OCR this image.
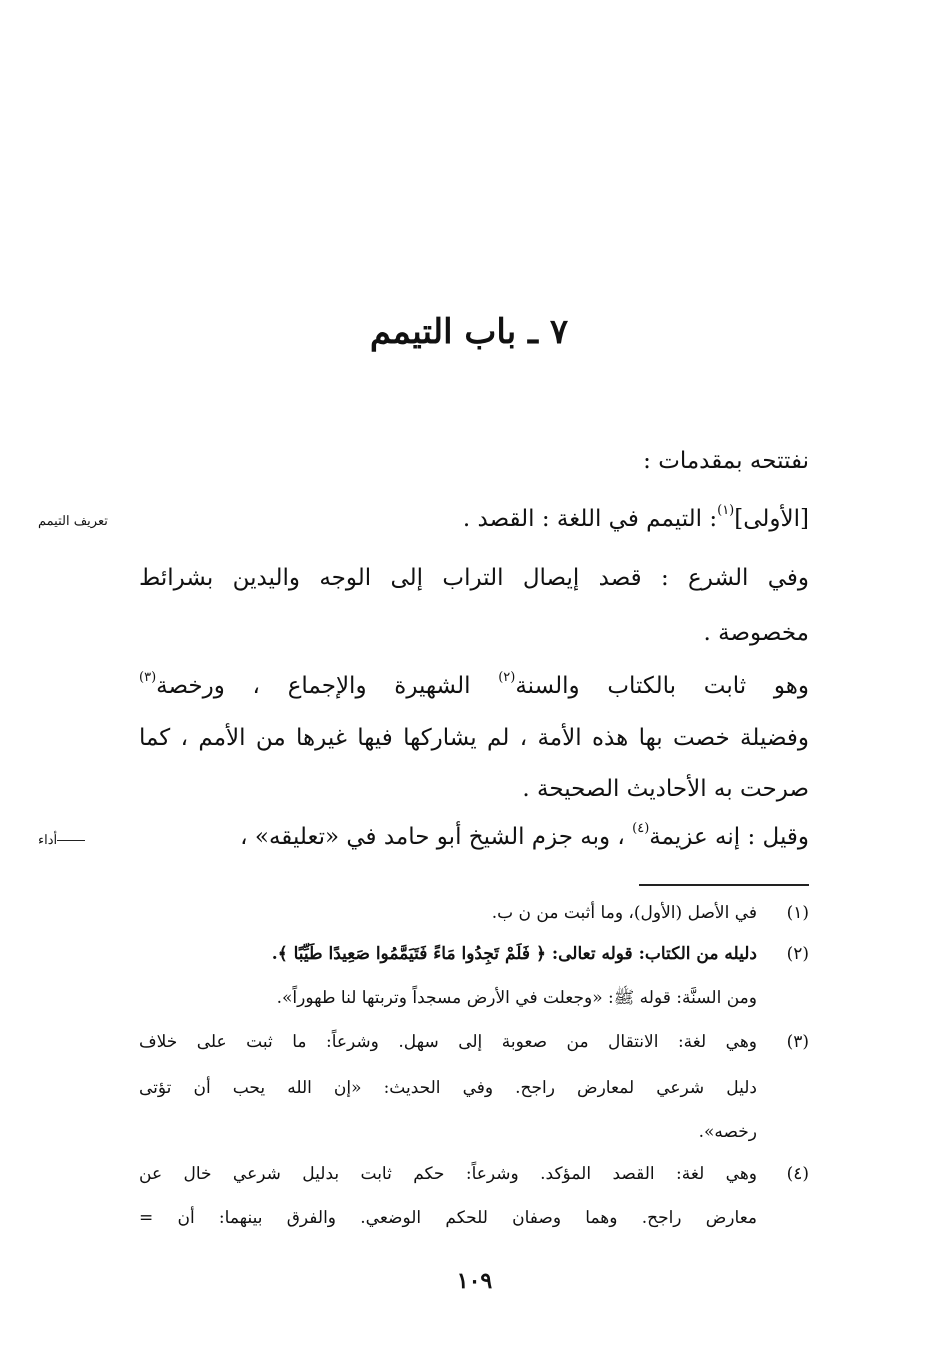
٧ ـ باب التيمم
نفتتحه بمقدمات :
[الأولى]$^{(١)}$: التيمم في اللغة : القصد .
تعريف التيمم
وفي الشرع : قصد إيصال التراب إلى الوجه واليدين بشرائط
مخصوصة .
وهو ثابت بالكتاب والسنة$^{(٢)}$ الشهيرة والإجماع ، ورخصة$^{(٣)}$
وفضيلة خصت بها هذه الأمة ، لم يشاركها فيها غيرها من الأمم ، كما
صرحت به الأحاديث الصحيحة .
وقيل : إنه عزيمة$^{(٤)}$ ، وبه جزم الشيخ أبو حامد في «تعليقه» ،
أداء
(١)
في الأصل (الأول)، وما أثبت من ن ب.
(٢)
دليله من الكتاب: قوله تعالى: ﴿ فَلَمْ تَجِدُوا مَاءً فَتَيَمَّمُوا صَعِيدًا طَيِّبًا ﴾.
ومن السنَّة: قوله ﷺ: «وجعلت في الأرض مسجداً وتربتها لنا طهوراً».
(٣)
وهي لغة: الانتقال من صعوبة إلى سهل. وشرعاً: ما ثبت على خلاف
دليل شرعي لمعارض راجح. وفي الحديث: «إن الله يحب أن تؤتى
رخصه».
(٤)
وهي لغة: القصد المؤكد. وشرعاً: حكم ثابت بدليل شرعي خال عن
معارض راجح. وهما وصفان للحكم الوضعي. والفرق بينهما: أن =
١٠٩
